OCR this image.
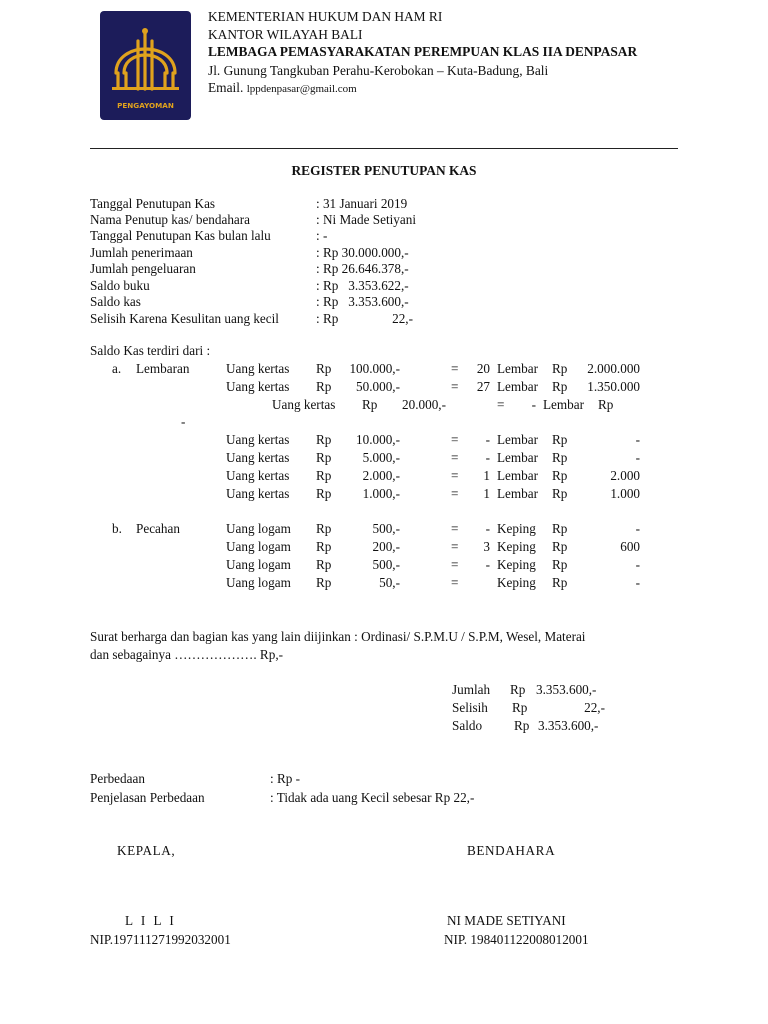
PENGAYOMAN
KEMENTERIAN HUKUM DAN HAM RI
KANTOR WILAYAH BALI
LEMBAGA PEMASYARAKATAN PEREMPUAN KLAS IIA DENPASAR
Jl. Gunung Tangkuban Perahu-Kerobokan – Kuta-Badung, Bali
Email. lppdenpasar@gmail.com
REGISTER PENUTUPAN KAS
Tanggal Penutupan Kas	: 31 Januari 2019
Nama Penutup kas/ bendahara	: Ni Made Setiyani
Tanggal Penutupan Kas bulan lalu	: -
Jumlah penerimaan	: Rp 30.000.000,-
Jumlah pengeluaran	: Rp 26.646.378,-
Saldo buku	: Rp   3.353.622,-
Saldo kas	: Rp   3.353.600,-
Selisih Karena Kesulitan uang kecil	: Rp	22,-
Saldo Kas terdiri dari :
a. Lembaran
-
b. Pecahan
Uang kertas Rp	100.000,-	=	20 Lembar Rp	2.000.000
Uang kertas Rp	50.000,-	=	27 Lembar Rp	1.350.000
Uang kertas Rp	20.000,-	=	- Lembar Rp
Uang kertas Rp	10.000,-	=	- Lembar Rp	-
Uang kertas Rp	5.000,-	=	- Lembar Rp	-
Uang kertas Rp	2.000,-	=	1 Lembar Rp	2.000
Uang kertas Rp	1.000,-	=	1 Lembar Rp	1.000
Uang logam Rp	500,-	=	- Keping Rp	-
Uang logam Rp	200,-	=	3 Keping Rp	600
Uang logam Rp	500,-	=	- Keping Rp	-
Uang logam Rp	50,-	=	Keping Rp	-
Surat berharga dan bagian kas yang lain diijinkan : Ordinasi/ S.P.M.U / S.P.M, Wesel, Materai
dan sebagainya ………………. Rp,-
Jumlah Rp 3.353.600,-
Selisih Rp	22,-
Saldo Rp 3.353.600,-
Perbedaan	: Rp -
Penjelasan Perbedaan	: Tidak ada uang Kecil sebesar Rp 22,-
KEPALA,	BENDAHARA
L I L I	NI MADE SETIYANI
NIP.197111271992032001	NIP. 198401122008012001
